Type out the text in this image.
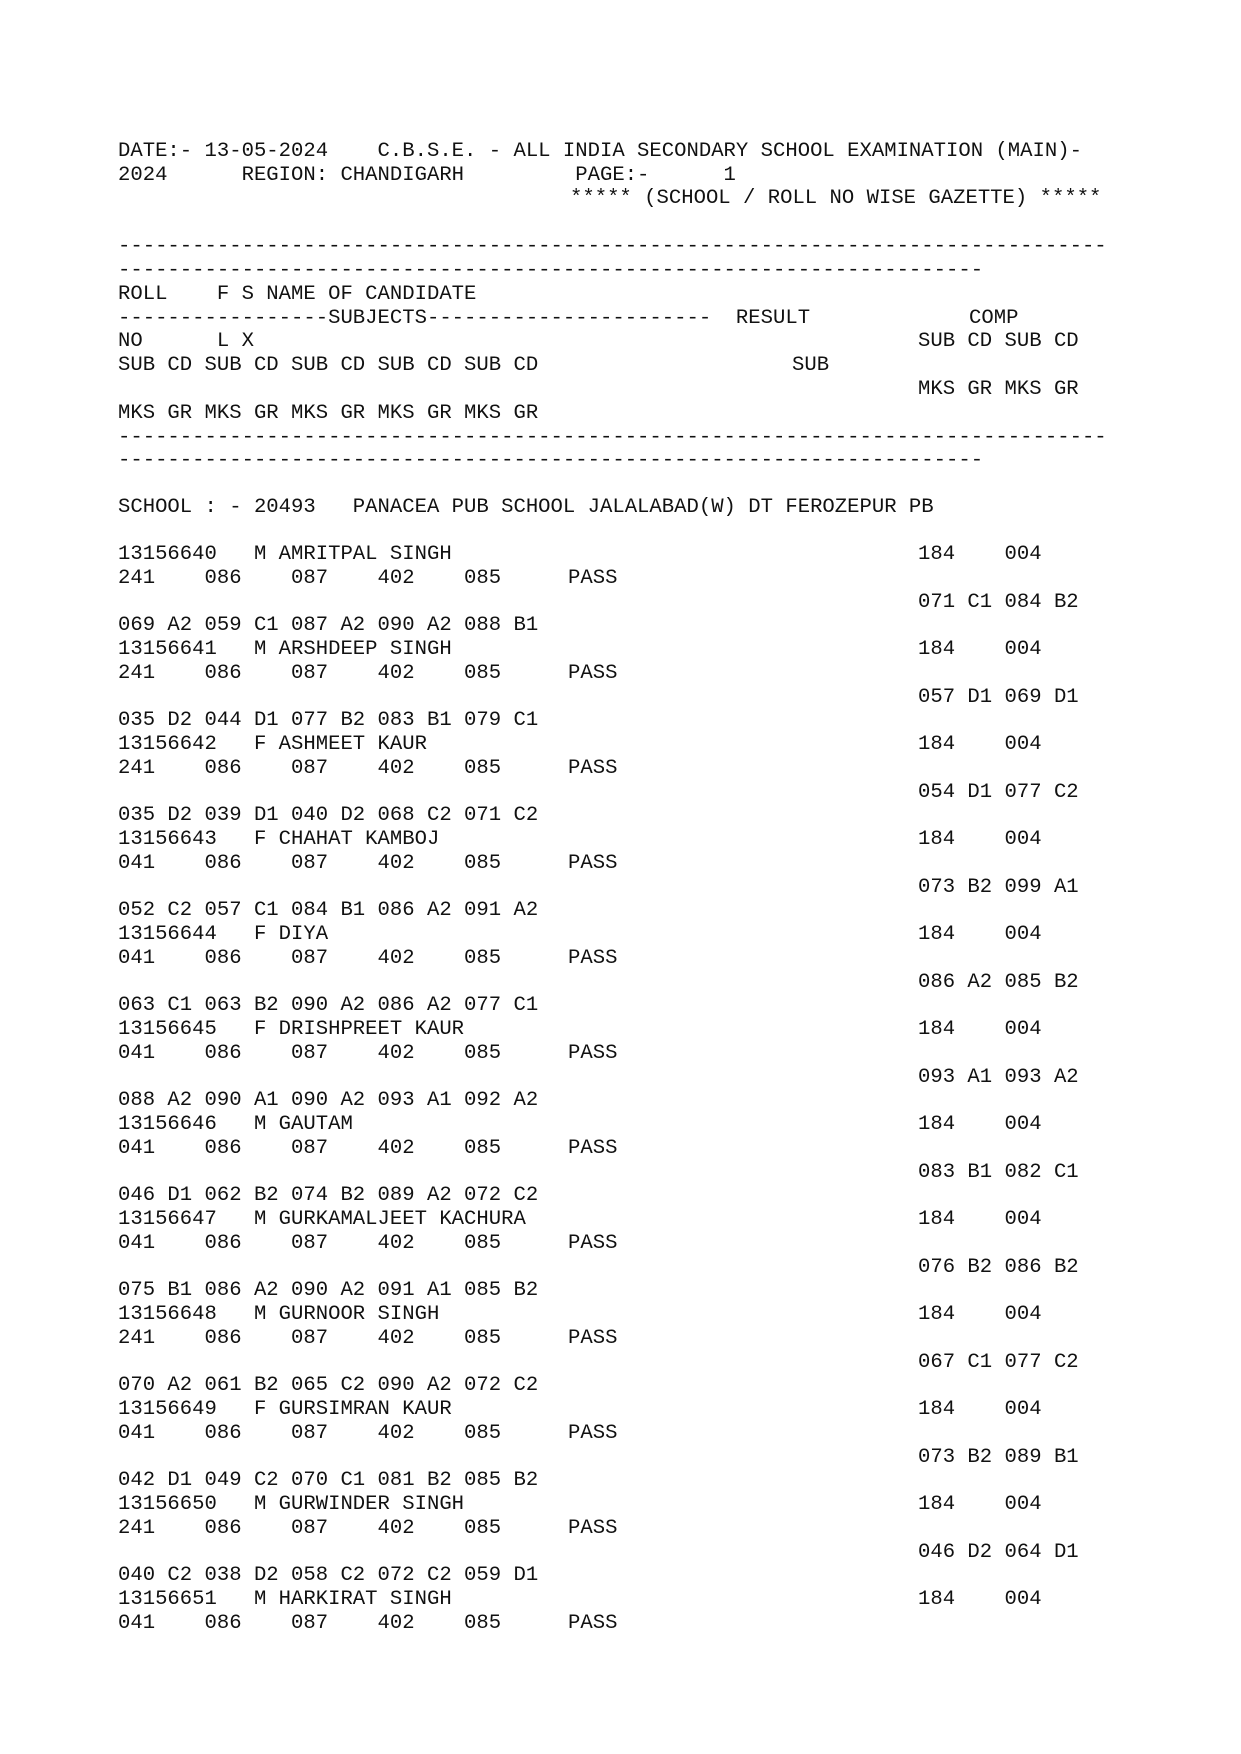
DATE:- 13-05-2024    C.B.S.E. - ALL INDIA SECONDARY SCHOOL EXAMINATION (MAIN)-
2024      REGION: CHANDIGARH         PAGE:-      1
***** (SCHOOL / ROLL NO WISE GAZETTE) *****
--------------------------------------------------------------------------------
----------------------------------------------------------------------
ROLL    F S NAME OF CANDIDATE
-----------------SUBJECTS-----------------------  RESULT	COMP
NO      L X	SUB CD SUB CD
SUB CD SUB CD SUB CD SUB CD SUB CD	SUB
MKS GR MKS GR
MKS GR MKS GR MKS GR MKS GR MKS GR
--------------------------------------------------------------------------------
----------------------------------------------------------------------
SCHOOL : - 20493   PANACEA PUB SCHOOL JALALABAD(W) DT FEROZEPUR PB
13156640   M AMRITPAL SINGH	184    004
241    086    087    402    085	PASS
071 C1 084 B2
069 A2 059 C1 087 A2 090 A2 088 B1
13156641   M ARSHDEEP SINGH	184    004
241    086    087    402    085	PASS
057 D1 069 D1
035 D2 044 D1 077 B2 083 B1 079 C1
13156642   F ASHMEET KAUR	184    004
241    086    087    402    085	PASS
054 D1 077 C2
035 D2 039 D1 040 D2 068 C2 071 C2
13156643   F CHAHAT KAMBOJ	184    004
041    086    087    402    085	PASS
073 B2 099 A1
052 C2 057 C1 084 B1 086 A2 091 A2
13156644   F DIYA	184    004
041    086    087    402    085	PASS
086 A2 085 B2
063 C1 063 B2 090 A2 086 A2 077 C1
13156645   F DRISHPREET KAUR	184    004
041    086    087    402    085	PASS
093 A1 093 A2
088 A2 090 A1 090 A2 093 A1 092 A2
13156646   M GAUTAM	184    004
041    086    087    402    085	PASS
083 B1 082 C1
046 D1 062 B2 074 B2 089 A2 072 C2
13156647   M GURKAMALJEET KACHURA	184    004
041    086    087    402    085	PASS
076 B2 086 B2
075 B1 086 A2 090 A2 091 A1 085 B2
13156648   M GURNOOR SINGH	184    004
241    086    087    402    085	PASS
067 C1 077 C2
070 A2 061 B2 065 C2 090 A2 072 C2
13156649   F GURSIMRAN KAUR	184    004
041    086    087    402    085	PASS
073 B2 089 B1
042 D1 049 C2 070 C1 081 B2 085 B2
13156650   M GURWINDER SINGH	184    004
241    086    087    402    085	PASS
046 D2 064 D1
040 C2 038 D2 058 C2 072 C2 059 D1
13156651   M HARKIRAT SINGH	184    004
041    086    087    402    085	PASS
